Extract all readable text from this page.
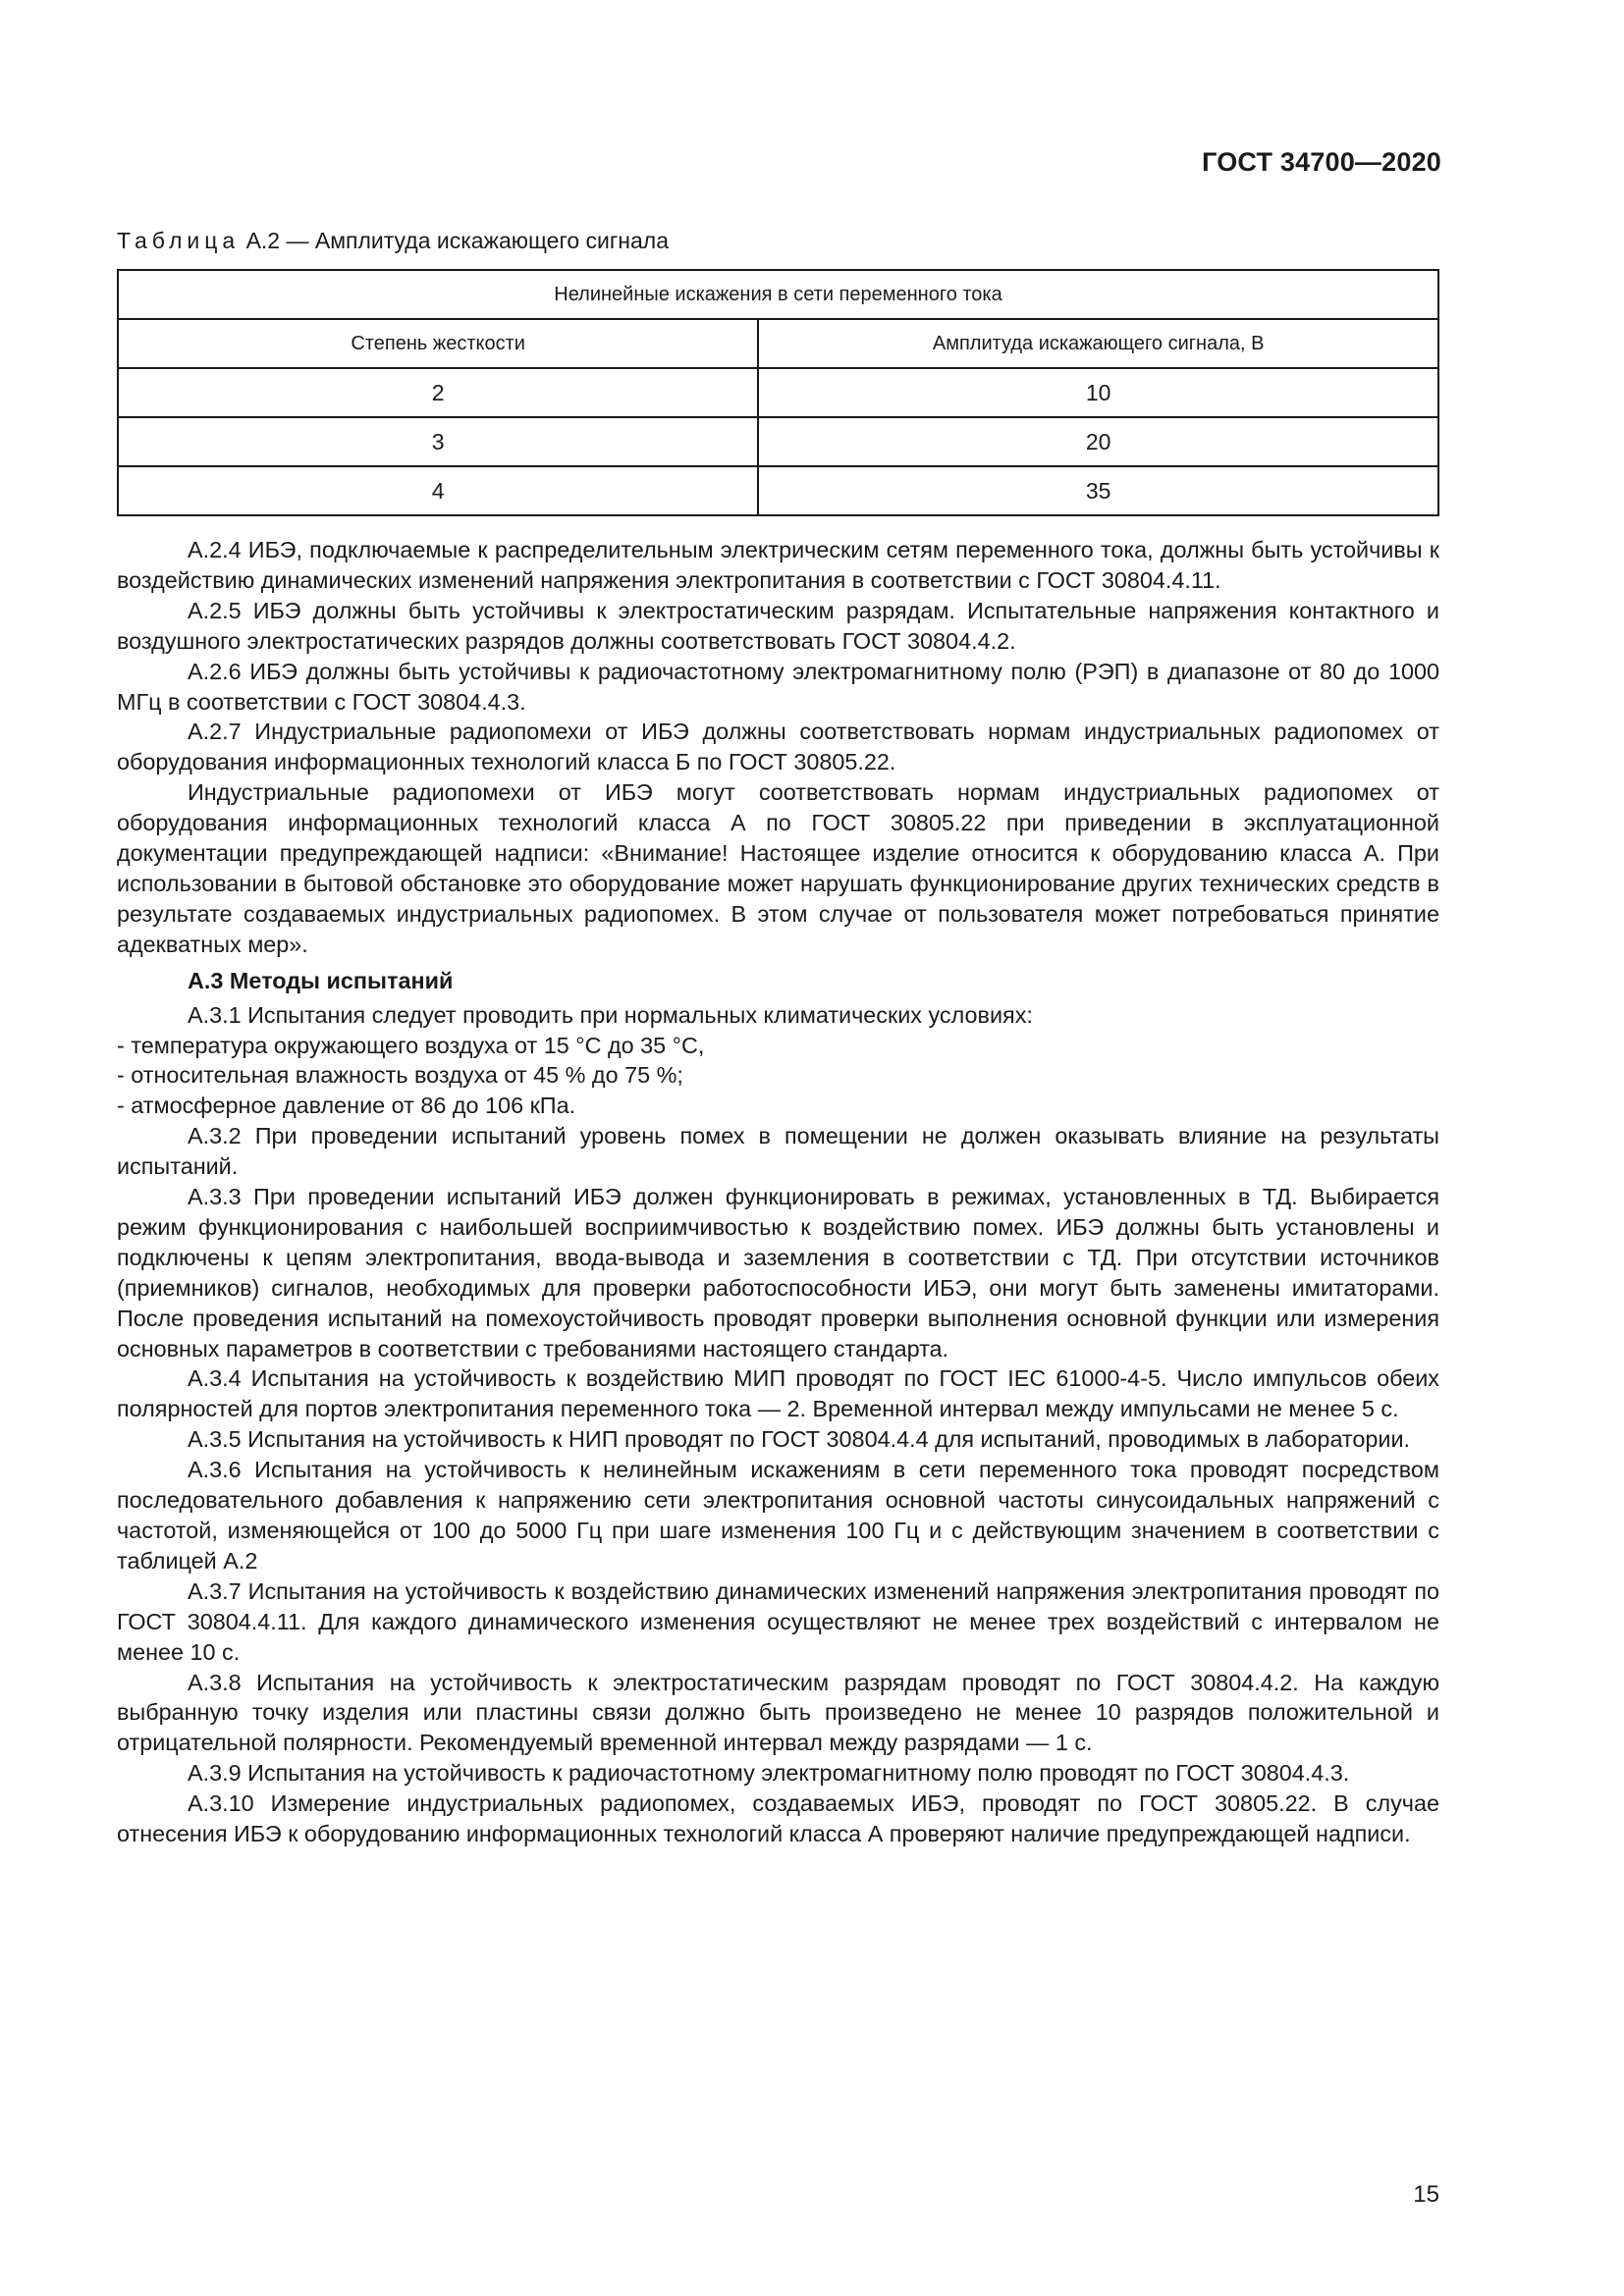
ГОСТ 34700—2020
Таблица А.2 — Амплитуда искажающего сигнала
Нелинейные искажения в сети переменного тока	
Степень жесткости	Амплитуда искажающего сигнала, В
2	10
3	20
4	35

А.2.4 ИБЭ, подключаемые к распределительным электрическим сетям переменного тока, должны быть устойчивы к воздействию динамических изменений напряжения электропитания в соответствии с ГОСТ 30804.4.11.

А.2.5 ИБЭ должны быть устойчивы к электростатическим разрядам. Испытательные напряжения контактного и воздушного электростатических разрядов должны соответствовать ГОСТ 30804.4.2.

А.2.6 ИБЭ должны быть устойчивы к радиочастотному электромагнитному полю (РЭП) в диапазоне от 80 до 1000 МГц в соответствии с ГОСТ 30804.4.3.

А.2.7 Индустриальные радиопомехи от ИБЭ должны соответствовать нормам индустриальных радиопомех от оборудования информационных технологий класса Б по ГОСТ 30805.22.

Индустриальные радиопомехи от ИБЭ могут соответствовать нормам индустриальных радиопомех от оборудования информационных технологий класса А по ГОСТ 30805.22 при приведении в эксплуатационной документации предупреждающей надписи: «Внимание! Настоящее изделие относится к оборудованию класса А. При использовании в бытовой обстановке это оборудование может нарушать функционирование других технических средств в результате создаваемых индустриальных радиопомех. В этом случае от пользователя может потребоваться принятие адекватных мер».

А.3 Методы испытаний

А.3.1 Испытания следует проводить при нормальных климатических условиях:

- температура окружающего воздуха от 15 °С до 35 °С,

- относительная влажность воздуха от 45 % до 75 %;

- атмосферное давление от 86 до 106 кПа.

А.3.2 При проведении испытаний уровень помех в помещении не должен оказывать влияние на результаты испытаний.

А.3.3 При проведении испытаний ИБЭ должен функционировать в режимах, установленных в ТД. Выбирается режим функционирования с наибольшей восприимчивостью к воздействию помех. ИБЭ должны быть установлены и подключены к цепям электропитания, ввода-вывода и заземления в соответствии с ТД. При отсутствии источников (приемников) сигналов, необходимых для проверки работоспособности ИБЭ, они могут быть заменены имитаторами. После проведения испытаний на помехоустойчивость проводят проверки выполнения основной функции или измерения основных параметров в соответствии с требованиями настоящего стандарта.

А.3.4 Испытания на устойчивость к воздействию МИП проводят по ГОСТ IEC 61000-4-5. Число импульсов обеих полярностей для портов электропитания переменного тока — 2. Временной интервал между импульсами не менее 5 с.

А.3.5 Испытания на устойчивость к НИП проводят по ГОСТ 30804.4.4 для испытаний, проводимых в лаборатории.

А.3.6 Испытания на устойчивость к нелинейным искажениям в сети переменного тока проводят посредством последовательного добавления к напряжению сети электропитания основной частоты синусоидальных напряжений с частотой, изменяющейся от 100 до 5000 Гц при шаге изменения 100 Гц и с действующим значением в соответствии с таблицей А.2

А.3.7 Испытания на устойчивость к воздействию динамических изменений напряжения электропитания проводят по ГОСТ 30804.4.11. Для каждого динамического изменения осуществляют не менее трех воздействий с интервалом не менее 10 с.

А.3.8 Испытания на устойчивость к электростатическим разрядам проводят по ГОСТ 30804.4.2. На каждую выбранную точку изделия или пластины связи должно быть произведено не менее 10 разрядов положительной и отрицательной полярности. Рекомендуемый временной интервал между разрядами — 1 с.

А.3.9 Испытания на устойчивость к радиочастотному электромагнитному полю проводят по ГОСТ 30804.4.3.

А.3.10 Измерение индустриальных радиопомех, создаваемых ИБЭ, проводят по ГОСТ 30805.22. В случае отнесения ИБЭ к оборудованию информационных технологий класса А проверяют наличие предупреждающей надписи.

15
